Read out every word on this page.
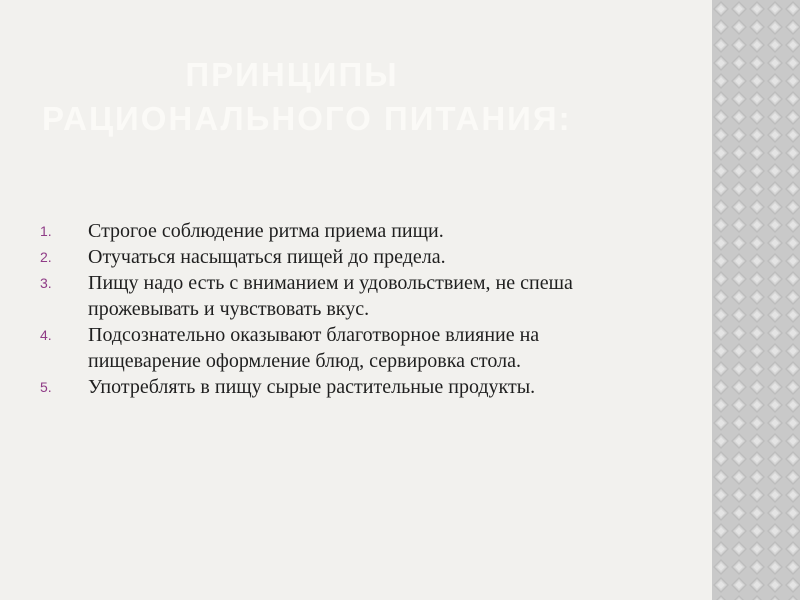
ПРИНЦИПЫ
РАЦИОНАЛЬНОГО ПИТАНИЯ:
1.	Строгое соблюдение ритма приема пищи.
2.	Отучаться насыщаться пищей до предела.
3.	Пищу надо есть с вниманием и удовольствием, не спеша прожевывать и чувствовать вкус.
4.	Подсознательно оказывают благотворное влияние на пищеварение оформление блюд, сервировка стола.
5.	Употреблять в пищу сырые растительные продукты.
